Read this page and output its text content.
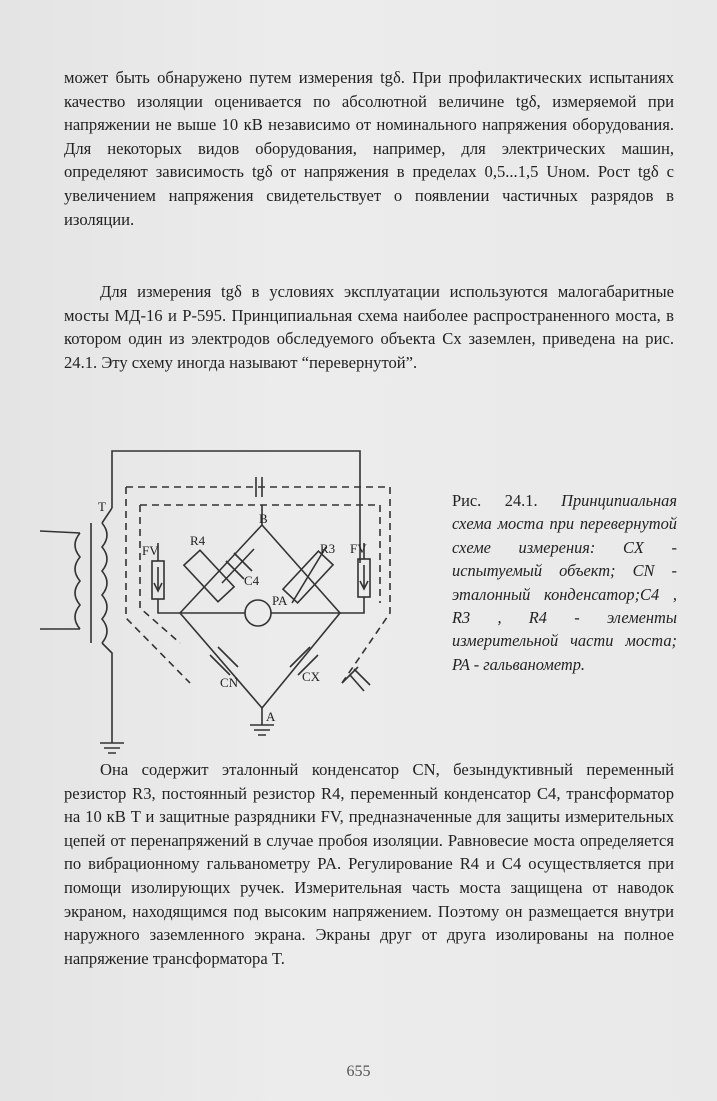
может быть обнаружено путем измерения tgδ. При профилактических испытаниях качество изоляции оценивается по абсолютной величине tgδ, измеряемой при напряжении не выше 10 кВ независимо от номинального напряжения оборудования. Для некоторых видов оборудования, например, для электрических машин, определяют зависимость tgδ от напряжения в пределах 0,5...1,5 Uном. Рост tgδ с увеличением напряжения свидетельствует о появлении частичных разрядов в изоляции.

Для измерения tgδ в условиях эксплуатации используются малогабаритные мосты МД-16 и Р-595. Принципиальная схема наиболее распространенного моста, в котором один из электродов обследуемого объекта Cx заземлен, приведена на рис. 24.1. Эту схему иногда называют “перевернутой”.

T
B
A
R4
R3
C4
PA
FV	FV
CN	CX
Рис. 24.1. Принципиальная схема моста при перевернутой схеме измерения: CX - испытуемый объект; CN - эталонный конденсатор;C4 , R3 , R4 - элементы измерительной части моста; PA - гальванометр.

Она содержит эталонный конденсатор CN, безындуктивный переменный резистор R3, постоянный резистор R4, переменный конденсатор C4, трансформатор на 10 кВ T и защитные разрядники FV, предназначенные для защиты измерительных цепей от перенапряжений в случае пробоя изоляции. Равновесие моста определяется по вибрационному гальванометру PA. Регулирование R4 и C4 осуществляется при помощи изолирующих ручек. Измерительная часть моста защищена от наводок экраном, находящимся под высоким напряжением. Поэтому он размещается внутри наружного заземленного экрана. Экраны друг от друга изолированы на полное напряжение трансформатора T.

655
